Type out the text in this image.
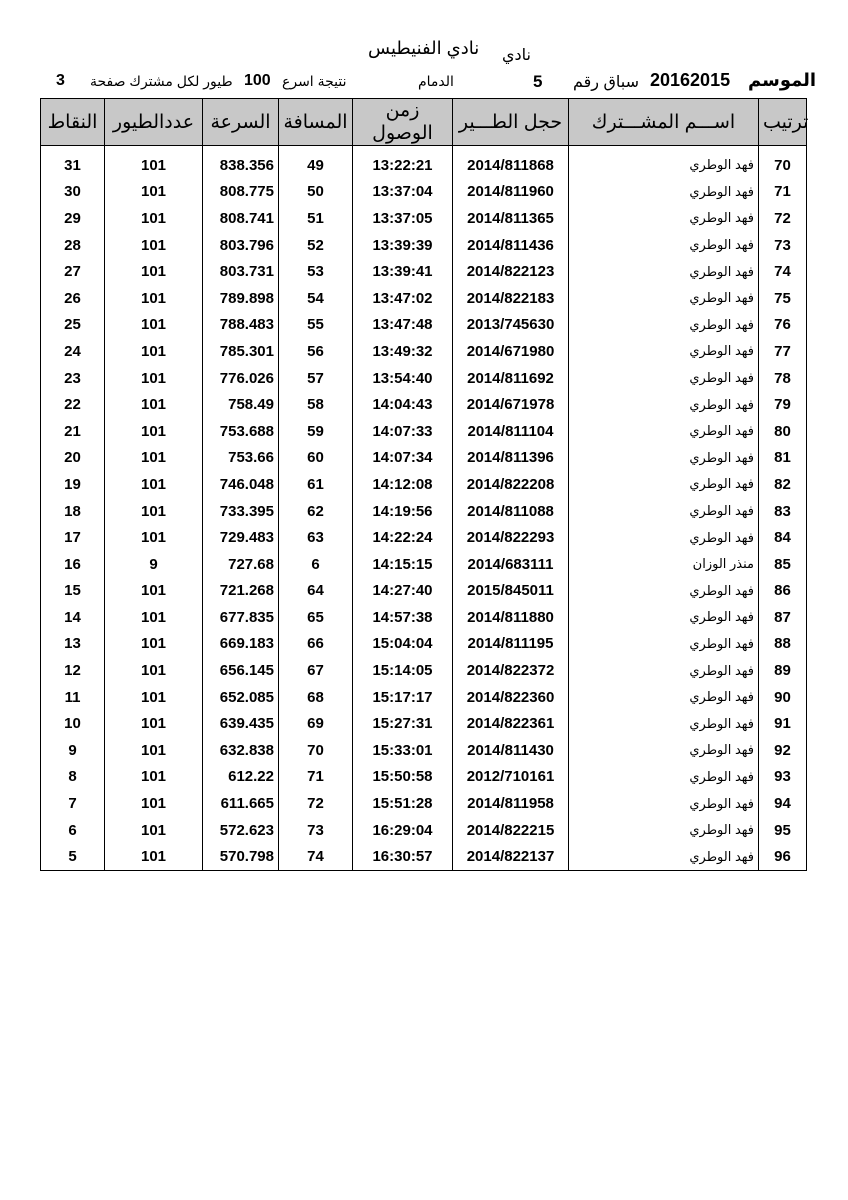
نادي
نادي الفنيطيس
الموسم
20162015
سباق رقم
5
الدمام
نتيجة اسرع
100
طيور لكل مشترك صفحة
3
النقاط	عددالطيور	السرعة	المسافة	زمن الوصول	حجل الطـــير	اســـم المشـــترك	ترتيب

31	101	838.356	49	13:22:21	2014/811868	فهد الوطري	70
30	101	808.775	50	13:37:04	2014/811960	فهد الوطري	71
29	101	808.741	51	13:37:05	2014/811365	فهد الوطري	72
28	101	803.796	52	13:39:39	2014/811436	فهد الوطري	73
27	101	803.731	53	13:39:41	2014/822123	فهد الوطري	74
26	101	789.898	54	13:47:02	2014/822183	فهد الوطري	75
25	101	788.483	55	13:47:48	2013/745630	فهد الوطري	76
24	101	785.301	56	13:49:32	2014/671980	فهد الوطري	77
23	101	776.026	57	13:54:40	2014/811692	فهد الوطري	78
22	101	758.49	58	14:04:43	2014/671978	فهد الوطري	79
21	101	753.688	59	14:07:33	2014/811104	فهد الوطري	80
20	101	753.66	60	14:07:34	2014/811396	فهد الوطري	81
19	101	746.048	61	14:12:08	2014/822208	فهد الوطري	82
18	101	733.395	62	14:19:56	2014/811088	فهد الوطري	83
17	101	729.483	63	14:22:24	2014/822293	فهد الوطري	84
16	9	727.68	6	14:15:15	2014/683111	منذر الوزان	85
15	101	721.268	64	14:27:40	2015/845011	فهد الوطري	86
14	101	677.835	65	14:57:38	2014/811880	فهد الوطري	87
13	101	669.183	66	15:04:04	2014/811195	فهد الوطري	88
12	101	656.145	67	15:14:05	2014/822372	فهد الوطري	89
11	101	652.085	68	15:17:17	2014/822360	فهد الوطري	90
10	101	639.435	69	15:27:31	2014/822361	فهد الوطري	91
9	101	632.838	70	15:33:01	2014/811430	فهد الوطري	92
8	101	612.22	71	15:50:58	2012/710161	فهد الوطري	93
7	101	611.665	72	15:51:28	2014/811958	فهد الوطري	94
6	101	572.623	73	16:29:04	2014/822215	فهد الوطري	95
5	101	570.798	74	16:30:57	2014/822137	فهد الوطري	96
